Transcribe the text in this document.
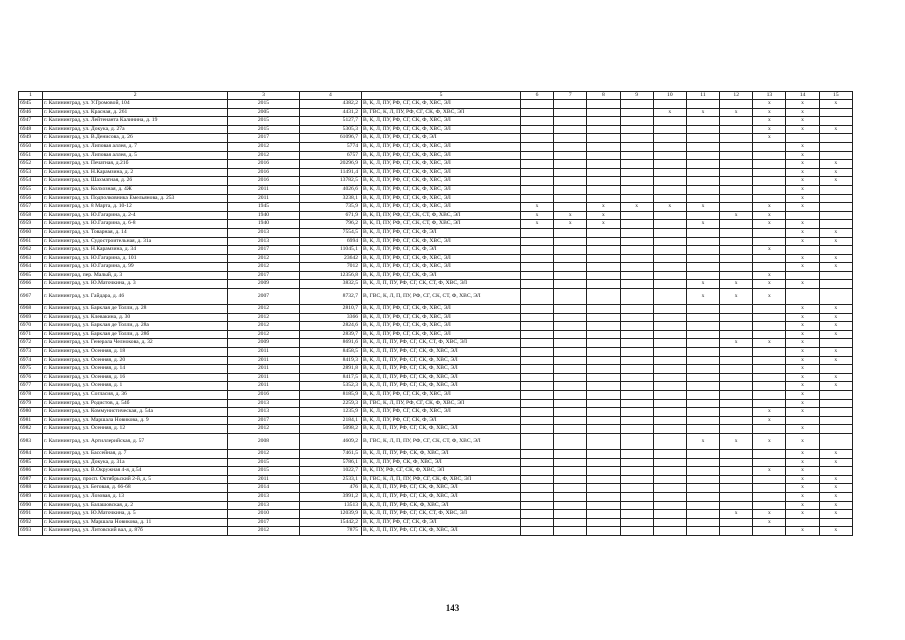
1	2	3	4	5	6	7	8	9	10	11	12	13	14	15
6945	г. Калининград, ул. У.Громовой, 104	2015	4382,2	В, К, Л, ПУ, РФ, СГ, СК, Ф, ХВС, ЭЛ								x	x	x
6946	г. Калининград, ул. Красная, д. 261	2005	4431,2	В, ГВС, К, Л, ПУ, РФ, СГ, СК, Ф, ХВС, ЭЛ					x	x	x	x	x	
6947	г. Калининград, ул. Лейтенанта Калинина, д. 19	2015	5127,7	В, К, Л, ПУ, РФ, СГ, СК, Ф, ХВС, ЭЛ								x	x	
6948	г. Калининград, ул. Докука, д. 27а	2015	5305,3	В, К, Л, ПУ, РФ, СГ, СК, Ф, ХВС, ЭЛ								x	x	x
6949	г. Калининград, ул. В.Денисова, д. 26	2017	61096,7	В, К, Л, ПУ, РФ, СГ, СК, Ф, ЭЛ								x		
6950	г. Калининград, ул. Липовая аллея, д. 7	2012	5774	В, К, Л, ПУ, РФ, СГ, СК, Ф, ХВС, ЭЛ									x	
6951	г. Калининград, ул. Липовая аллея, д. 5	2012	6757	В, К, Л, ПУ, РФ, СГ, СК, Ф, ХВС, ЭЛ									x	
6952	г. Калининград, ул. Печатная, д.21б	2016	20296,9	В, К, Л, ПУ, РФ, СГ, СК, Ф, ХВС, ЭЛ									x	x
6953	г. Калининград, ул. Н.Карамзина, д. 2	2016	11491,4	В, К, Л, ПУ, РФ, СГ, СК, Ф, ХВС, ЭЛ									x	x
6954	г. Калининград, ул. Шахматная, д. 26	2016	13782,5	В, К, Л, ПУ, РФ, СГ, СК, Ф, ХВС, ЭЛ									x	x
6955	г. Калининград, ул. Колхозная, д. 4Ж	2011	4026,6	В, К, Л, ПУ, РФ, СГ, СК, Ф, ХВС, ЭЛ									x	
6956	г. Калининград, ул. Подполковника Емельянова, д. 253	2011	3238,1	В, К, Л, ПУ, РФ, СГ, СК, Ф, ХВС, ЭЛ									x	
6957	г. Калининград, ул. 8 Марта, д. 10-12	1945	735,9	В, К, Л, ПУ, РФ, СГ, СК, Ф, ХВС, ЭЛ	x		x	x	x	x		x	x	
6958	г. Калининград, ул. Ю.Гагарина, д. 2-4	1940	671,9	В, К, П, ПУ, РФ, СГ, СК, СТ, Ф, ХВС, ЭЛ	x	x	x				x	x		
6959	г. Калининград, ул. Ю.Гагарина, д. 6-8	1940	796,2	В, К, П, ПУ, РФ, СГ, СК, СТ, Ф, ХВС, ЭЛ	x	x	x			x		x	x	
6960	г. Калининград, ул. Товарная, д. 14	2013	7554,5	В, К, Л, ПУ, РФ, СГ, СК, Ф, ЭЛ									x	x
6961	г. Калининград, ул. Судостроительная, д. 31а	2013	6994	В, К, Л, ПУ, РФ, СГ, СК, Ф, ХВС, ЭЛ									x	x
6962	г. Калининград, ул. Н.Карамзина, д. 34	2017	11045,1	В, К, Л, ПУ, РФ, СГ, СК, Ф, ЭЛ								x		
6963	г. Калининград, ул. Ю.Гагарина, д. 101	2012	23642	В, К, Л, ПУ, РФ, СГ, СК, Ф, ХВС, ЭЛ									x	x
6964	г. Калининград, ул. Ю.Гагарина, д. 99	2012	7012	В, К, Л, ПУ, РФ, СГ, СК, Ф, ХВС, ЭЛ									x	x
6965	г. Калининград, пер. Малый, д. 3	2017	12356,8	В, К, Л, ПУ, РФ, СГ, СК, Ф, ЭЛ								x		
6966	г. Калининград, ул. Ю.Маточкина, д. 3	2009	3832,5	В, К, Л, П, ПУ, РФ, СГ, СК, СТ, Ф, ХВС, ЭЛ						x	x	x	x	
6967	г. Калининград, ул. Гайдара, д. 46	2007	8732,7	В, ГВС, К, Л, П, ПУ, РФ, СГ, СК, СТ, Ф, ХВС, ЭЛ						x	x	x		
6968	г. Калининград, ул. Барклая де Толли, д. 28	2012	2810,7	В, К, Л, ПУ, РФ, СГ, СК, Ф, ХВС, ЭЛ									x	x
6969	г. Калининград, ул. Клевакина, д. 30	2012	3366	В, К, Л, ПУ, РФ, СГ, СК, Ф, ХВС, ЭЛ									x	x
6970	г. Калининград, ул. Барклая де Толли, д. 28а	2012	2824,6	В, К, Л, ПУ, РФ, СГ, СК, Ф, ХВС, ЭЛ									x	x
6971	г. Калининград, ул. Барклая де Толли, д. 28б	2012	2839,7	В, К, Л, ПУ, РФ, СГ, СК, Ф, ХВС, ЭЛ									x	x
6972	г. Калининград, ул. Генерала Челнокова, д. 32	2009	8691,6	В, К, Л, П, ПУ, РФ, СГ, СК, СТ, Ф, ХВС, ЭЛ							x	x	x	
6973	г. Калининград, ул. Осенняя, д. 18	2011	8458,5	В, К, Л, П, ПУ, РФ, СГ, СК, Ф, ХВС, ЭЛ									x	x
6974	г. Калининград, ул. Осенняя, д. 20	2011	8419,3	В, К, Л, П, ПУ, РФ, СГ, СК, Ф, ХВС, ЭЛ									x	x
6975	г. Калининград, ул. Осенняя, д. 14	2011	2891,8	В, К, Л, П, ПУ, РФ, СГ, СК, Ф, ХВС, ЭЛ									x	
6976	г. Калининград, ул. Осенняя, д. 16	2011	8417,5	В, К, Л, П, ПУ, РФ, СГ, СК, Ф, ХВС, ЭЛ									x	x
6977	г. Калининград, ул. Осенняя, д. 1	2011	5352,3	В, К, Л, П, ПУ, РФ, СГ, СК, Ф, ХВС, ЭЛ									x	x
6978	г. Калининград, ул. Согласия, д. 36	2016	8185,9	В, К, Л, ПУ, РФ, СГ, СК, Ф, ХВС, ЭЛ									x	
6979	г. Калининград, ул. Родистов, д. 54б	2013	2259,3	В, ГВС, К, Л, ПУ, РФ, СГ, СК, Ф, ХВС, ЭЛ									x	
6980	г. Калининград, ул. Коммунистическая, д. 54а	2013	1235,9	В, К, Л, ПУ, РФ, СГ, СК, Ф, ХВС, ЭЛ								x	x	
6981	г. Калининград, ул. Маршала Новикова, д. 9	2017	2184,1	В, К, Л, ПУ, РФ, СГ, СК, Ф, ЭЛ								x		
6982	г. Калининград, ул. Осенняя, д. 12	2012	5098,2	В, К, Л, П, ПУ, РФ, СГ, СК, Ф, ХВС, ЭЛ									x	
6983	г. Калининград, ул. Артиллерийская, д. 57	2008	4609,2	В, ГВС, К, Л, П, ПУ, РФ, СГ, СК, СТ, Ф, ХВС, ЭЛ						x	x	x	x	
6984	г. Калининград, ул. Бассейная, д. 7	2012	7461,5	В, К, Л, П, ПУ, РФ, СК, Ф, ХВС, ЭЛ									x	x
6985	г. Калининград, ул. Докука, д. 31а	2015	5786,1	В, К, Л, ПУ, РФ, СК, Ф, ХВС, ЭЛ									x	x
6986	г. Калининград, ул. В.Окружная 4-я, д.54	2015	1022,7	В, К, ПУ, РФ, СГ, СК, Ф, ХВС, ЭЛ								x	x	
6987	г. Калининград, просп. Октябрьский 2-й, д. 5	2011	2533,1	В, ГВС, К, Л, П, ПУ, РФ, СГ, СК, Ф, ХВС, ЭЛ									x	x
6988	г. Калининград, ул. Беговая, д. 66-68	2014	476	В, К, Л, П, ПУ, РФ, СГ, СК, Ф, ХВС, ЭЛ									x	x
6989	г. Калининград, ул. Лозовая, д. 13	2013	3991,2	В, К, Л, П, ПУ, РФ, СГ, СК, Ф, ХВС, ЭЛ									x	x
6990	г. Калининград, ул. Балашовская, д. 2	2013	13513	В, К, Л, П, ПУ, РФ, СК, Ф, ХВС, ЭЛ									x	x
6991	г. Калининград, ул. Ю.Маточкина, д. 5	2010	12039,9	В, К, Л, П, ПУ, РФ, СГ, СК, СТ, Ф, ХВС, ЭЛ							x	x	x	x
6992	г. Калининград, ул. Маршала Новикова, д. 11	2017	15442,2	В, К, Л, ПУ, РФ, СГ, СК, Ф, ЭЛ								x		
6993	г. Калининград, ул. Литовский вал, д. 87б	2012	7875	В, К, Л, П, ПУ, РФ, СГ, СК, Ф, ХВС, ЭЛ									x	x
143
